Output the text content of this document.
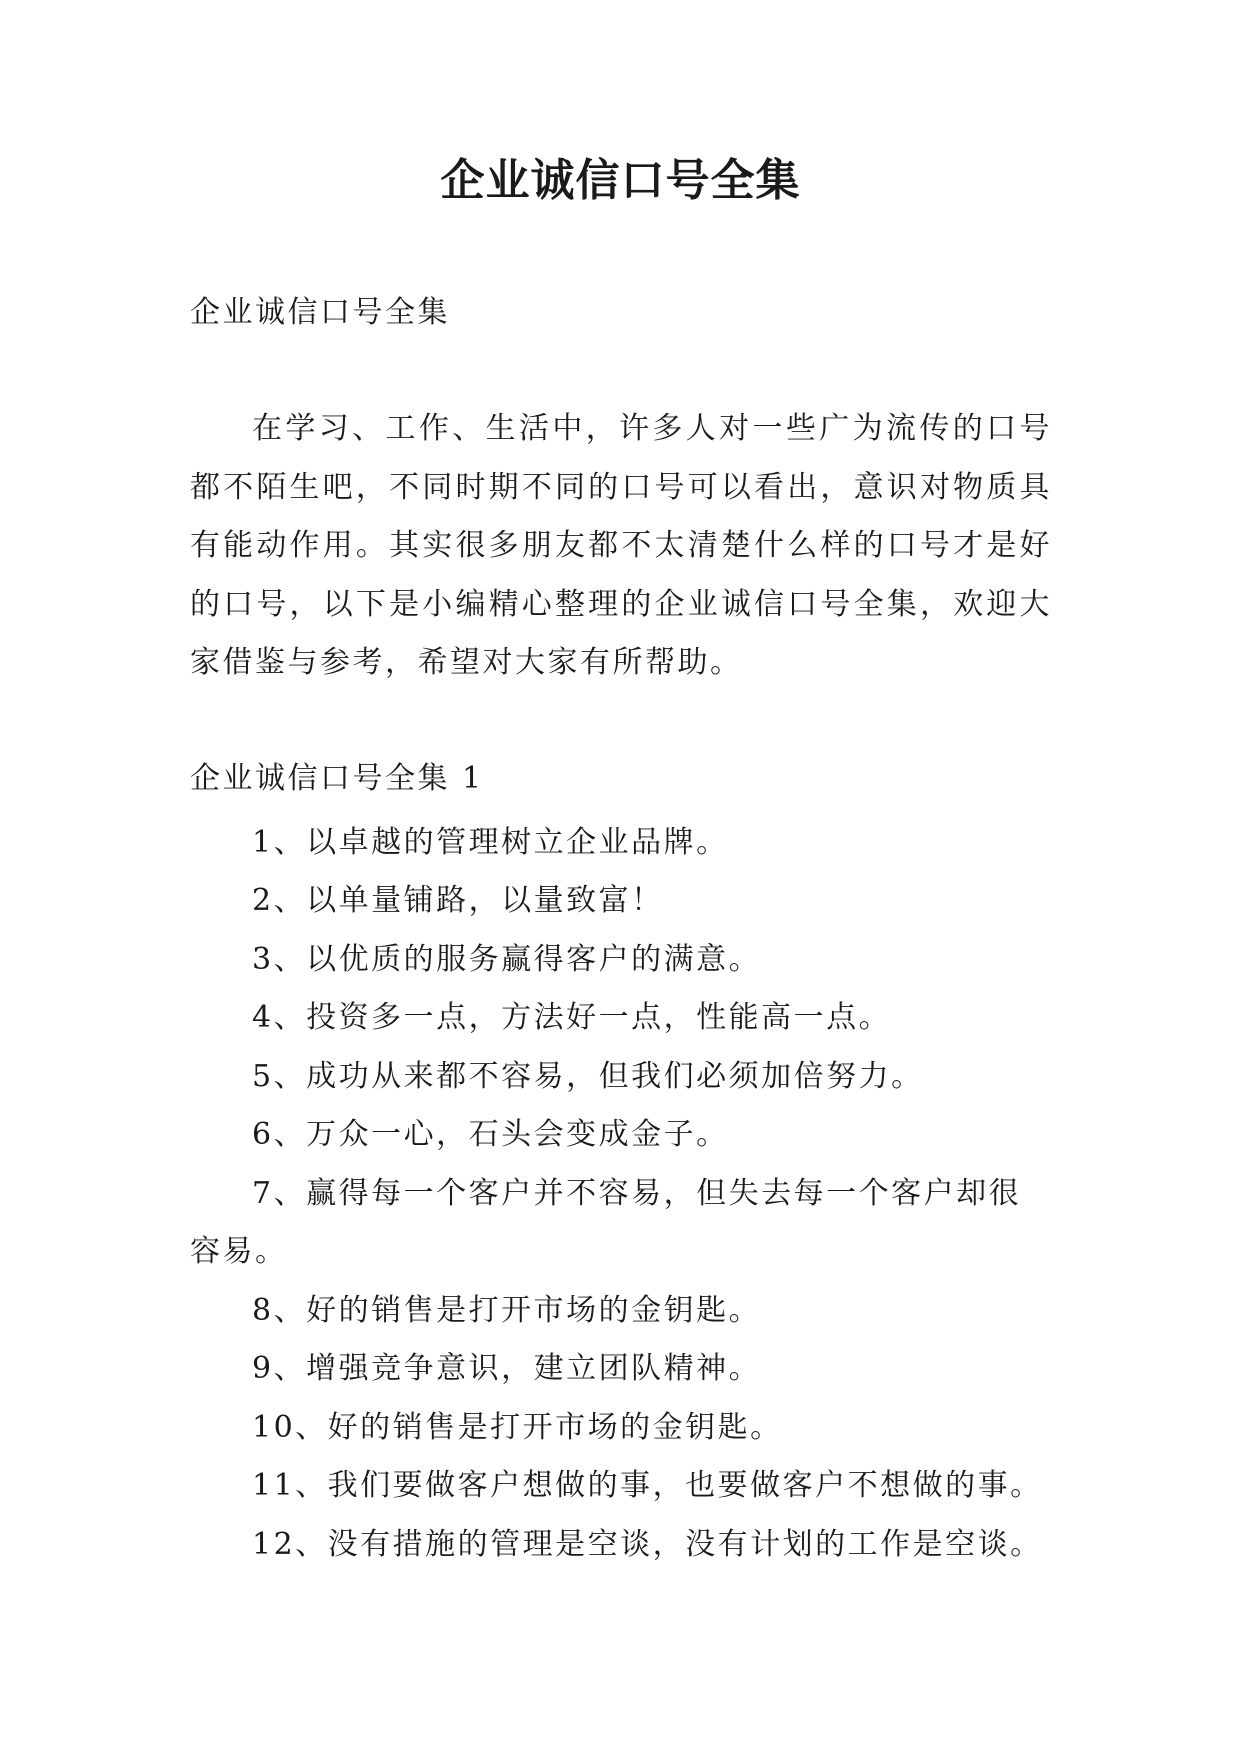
企业诚信口号全集

企业诚信口号全集

在学习、工作、生活中，许多人对一些广为流传的口号都不陌生吧，不同时期不同的口号可以看出，意识对物质具有能动作用。其实很多朋友都不太清楚什么样的口号才是好的口号，以下是小编精心整理的企业诚信口号全集，欢迎大家借鉴与参考，希望对大家有所帮助。

企业诚信口号全集 1

1、以卓越的管理树立企业品牌。

2、以单量铺路，以量致富！

3、以优质的服务赢得客户的满意。

4、投资多一点，方法好一点，性能高一点。

5、成功从来都不容易，但我们必须加倍努力。

6、万众一心，石头会变成金子。

7、赢得每一个客户并不容易，但失去每一个客户却很容易。

8、好的销售是打开市场的金钥匙。

9、增强竞争意识，建立团队精神。

10、好的销售是打开市场的金钥匙。

11、我们要做客户想做的事，也要做客户不想做的事。

12、没有措施的管理是空谈，没有计划的工作是空谈。
